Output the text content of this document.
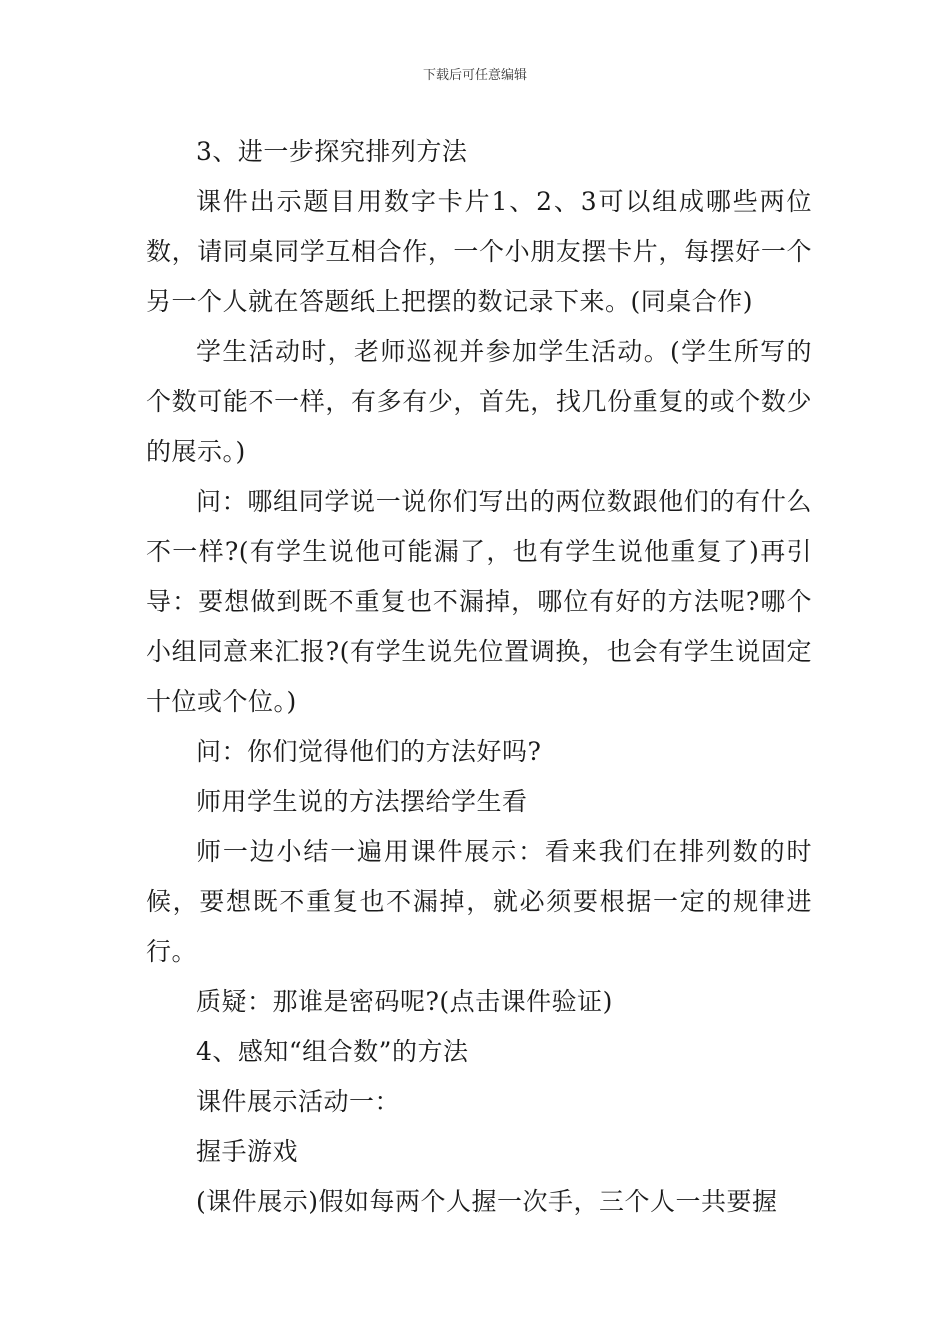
下载后可任意编辑

3、进一步探究排列方法

课件出示题目用数字卡片1、2、3可以组成哪些两位数，请同桌同学互相合作，一个小朋友摆卡片，每摆好一个另一个人就在答题纸上把摆的数记录下来。(同桌合作)

学生活动时，老师巡视并参加学生活动。(学生所写的个数可能不一样，有多有少，首先，找几份重复的或个数少的展示。)

问：哪组同学说一说你们写出的两位数跟他们的有什么不一样?(有学生说他可能漏了，也有学生说他重复了)再引导：要想做到既不重复也不漏掉，哪位有好的方法呢?哪个小组同意来汇报?(有学生说先位置调换，也会有学生说固定十位或个位。)

问：你们觉得他们的方法好吗?

师用学生说的方法摆给学生看

师一边小结一遍用课件展示：看来我们在排列数的时候，要想既不重复也不漏掉，就必须要根据一定的规律进行。

质疑：那谁是密码呢?(点击课件验证)

4、感知“组合数”的方法

课件展示活动一：

握手游戏

(课件展示)假如每两个人握一次手，三个人一共要握
